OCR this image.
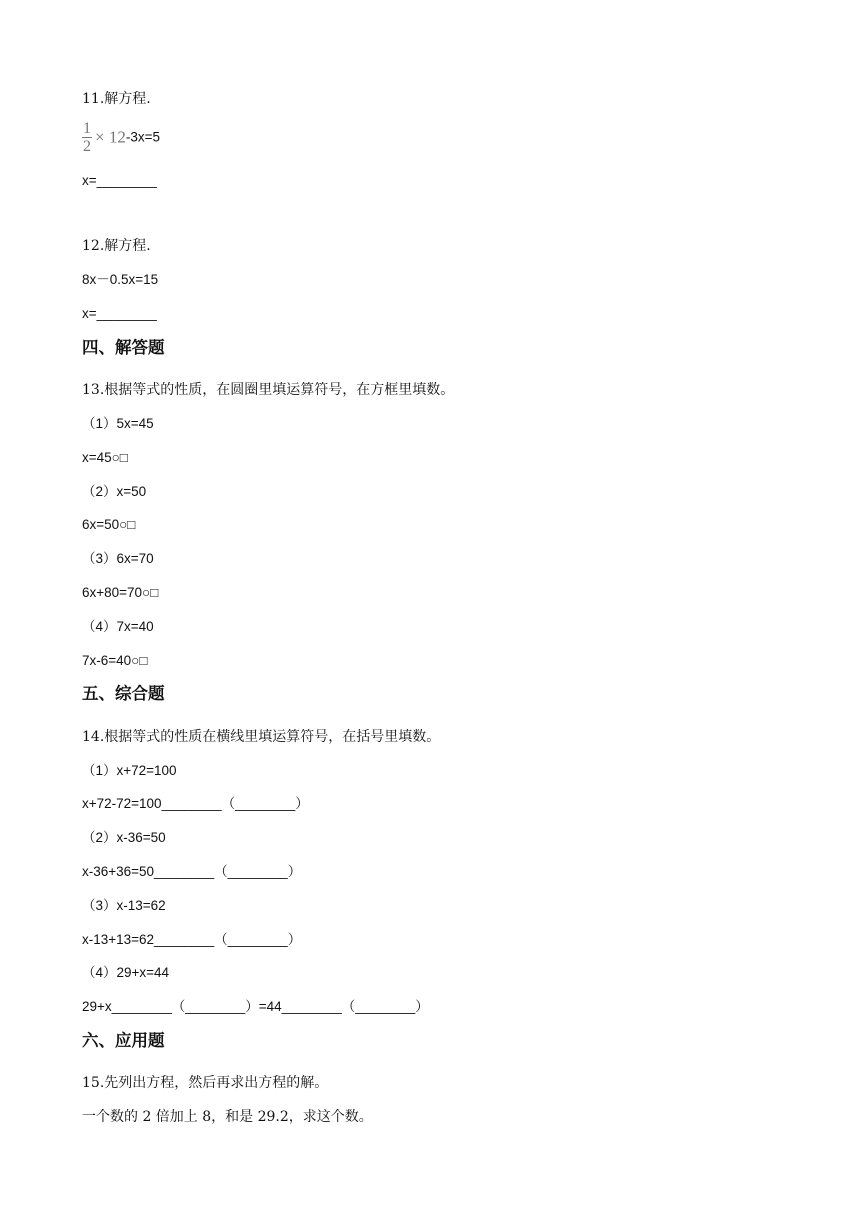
11.解方程.
$\frac{1}{2} \times 12-3x=5$
x=________
12.解方程.
8x－0.5x=15
x=________
四、解答题
13.根据等式的性质，在圆圈里填运算符号，在方框里填数。
（1）5x=45
x=45○□
（2）x=50
6x=50○□
（3）6x=70
6x+80=70○□
（4）7x=40
7x-6=40○□
五、综合题
14.根据等式的性质在横线里填运算符号，在括号里填数。
（1）x+72=100
x+72-72=100________（________）
（2）x-36=50
x-36+36=50________（________）
（3）x-13=62
x-13+13=62________（________）
（4）29+x=44
29+x________（________）=44________（________）
六、应用题
15.先列出方程，然后再求出方程的解。
一个数的 2 倍加上 8，和是 29.2，求这个数。
